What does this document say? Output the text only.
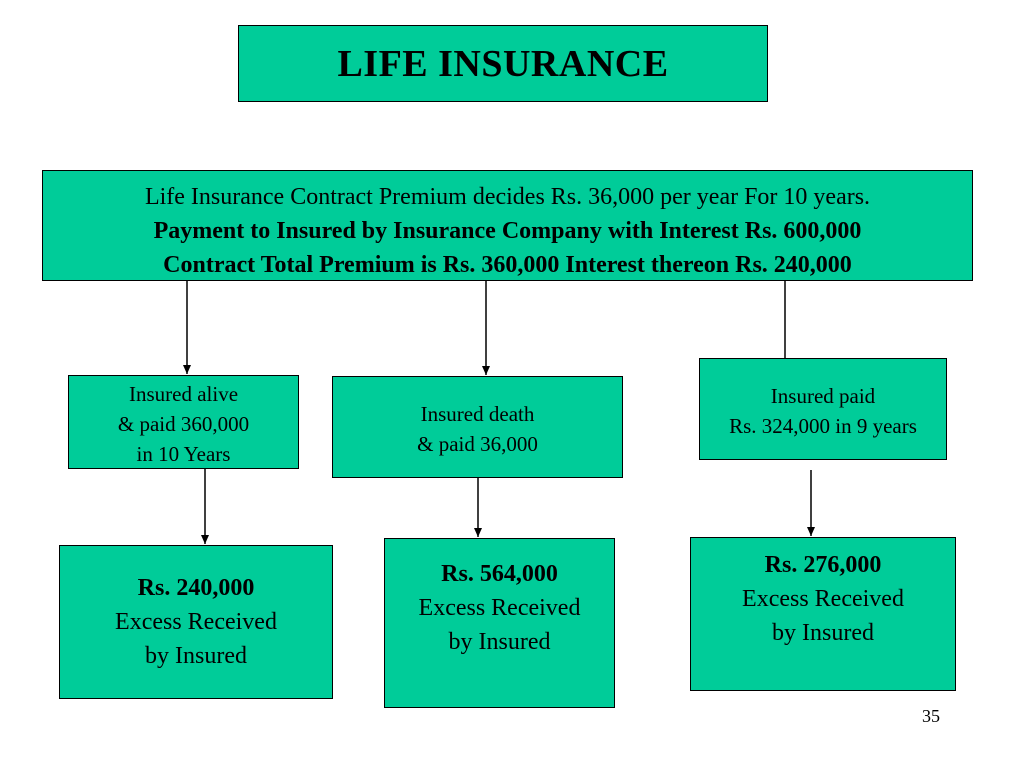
LIFE INSURANCE
Life Insurance Contract Premium decides Rs. 36,000 per year For 10 years.
Payment to Insured by Insurance Company with Interest Rs. 600,000
Contract Total Premium is Rs. 360,000 Interest thereon Rs. 240,000
Insured alive
& paid 360,000
in 10 Years
Insured death
& paid 36,000
Insured paid
Rs. 324,000 in 9 years
Rs. 240,000
Excess Received
by Insured
Rs. 564,000
Excess Received
by Insured
Rs. 276,000
Excess Received
by Insured
35
